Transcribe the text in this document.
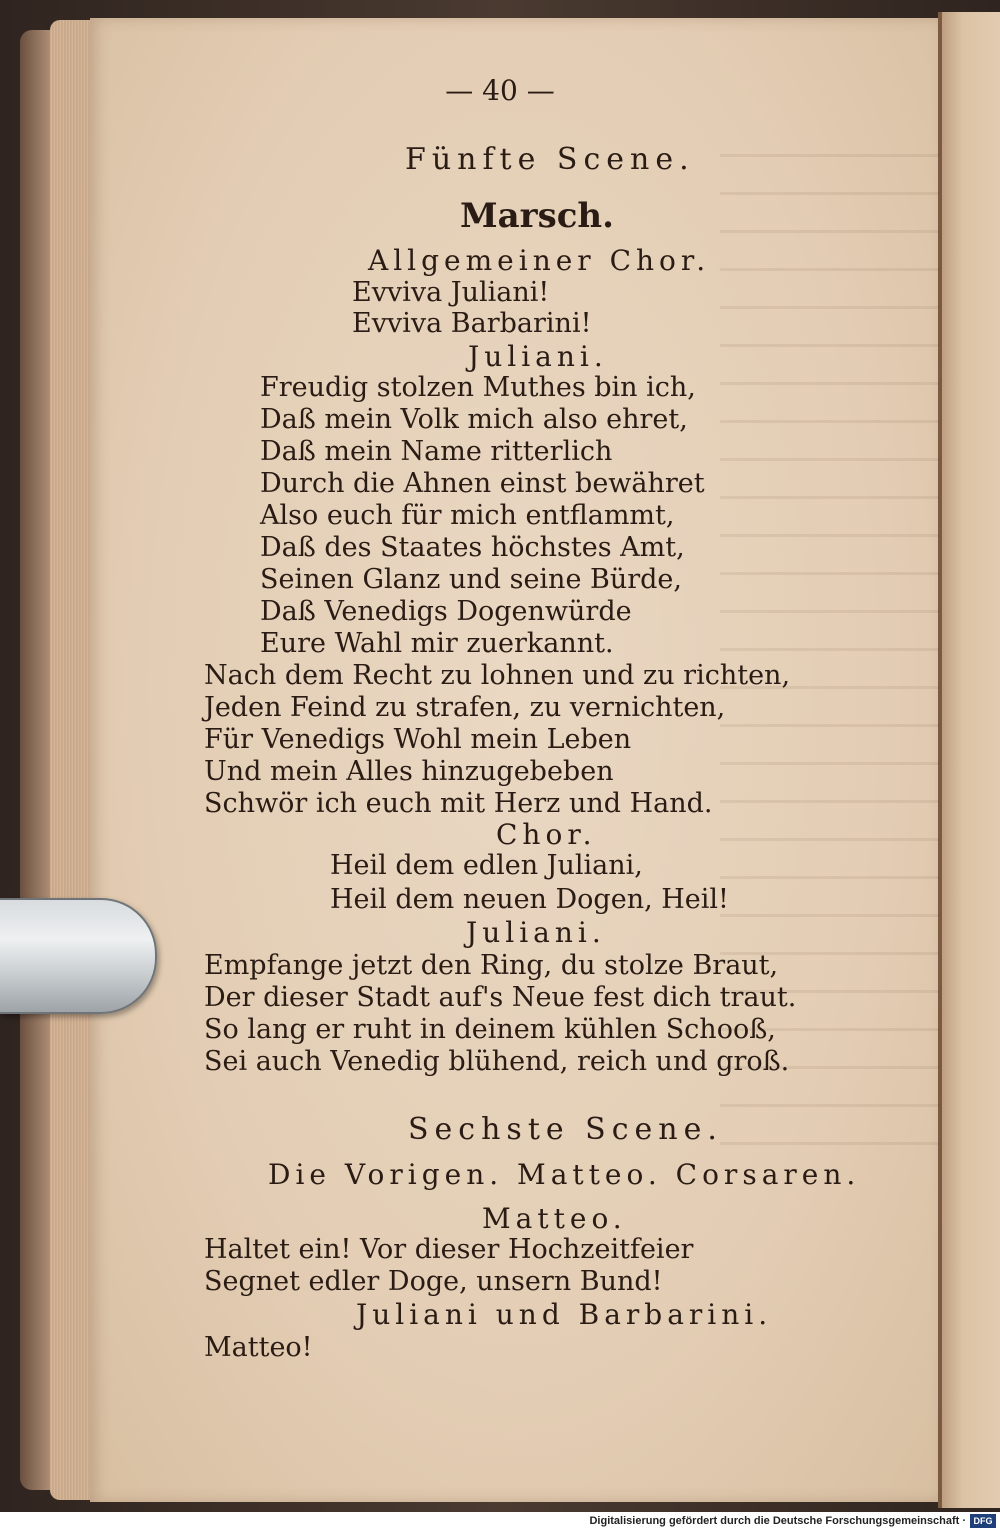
— 40 —
Fünfte Scene.
Marsch.
Allgemeiner Chor.
Evviva Juliani!
Evviva Barbarini!
Juliani.
Freudig stolzen Muthes bin ich,
Daß mein Volk mich also ehret,
Daß mein Name ritterlich
Durch die Ahnen einst bewähret
Also euch für mich entflammt,
Daß des Staates höchstes Amt,
Seinen Glanz und seine Bürde,
Daß Venedigs Dogenwürde
Eure Wahl mir zuerkannt.
Nach dem Recht zu lohnen und zu richten,
Jeden Feind zu strafen, zu vernichten,
Für Venedigs Wohl mein Leben
Und mein Alles hinzugebeben
Schwör ich euch mit Herz und Hand.
Chor.
Heil dem edlen Juliani,
Heil dem neuen Dogen, Heil!
Juliani.
Empfange jetzt den Ring, du stolze Braut,
Der dieser Stadt auf's Neue fest dich traut.
So lang er ruht in deinem kühlen Schooß,
Sei auch Venedig blühend, reich und groß.
Sechste Scene.
Die Vorigen. Matteo. Corsaren.
Matteo.
Haltet ein! Vor dieser Hochzeitfeier
Segnet edler Doge, unsern Bund!
Juliani und Barbarini.
Matteo!
Digitalisierung gefördert durch die Deutsche Forschungsgemeinschaft · DFG
